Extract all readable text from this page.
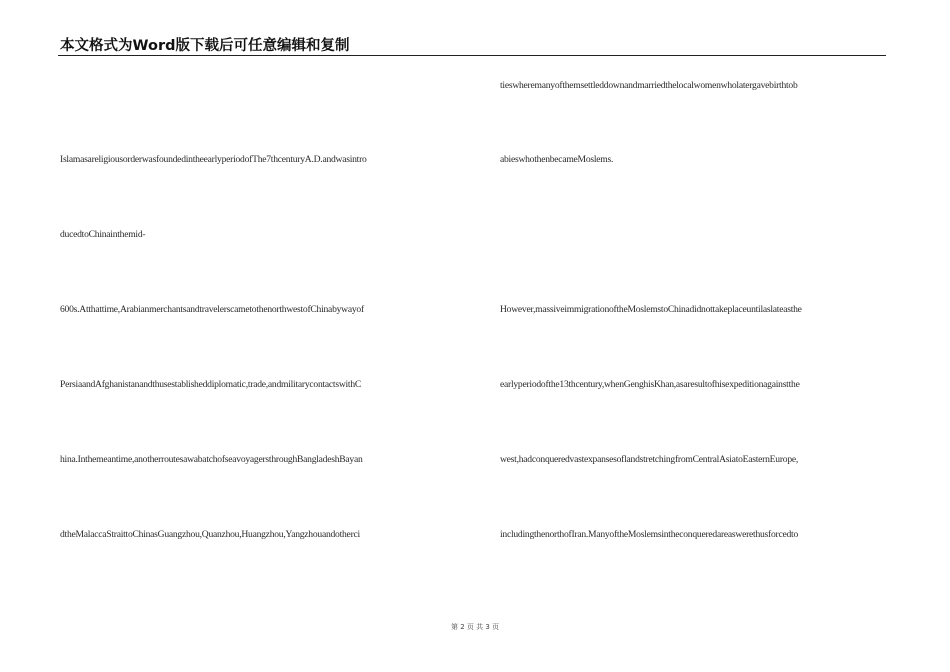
本文格式为Word版下载后可任意编辑和复制
IslamasareligiousorderwasfoundedintheearlyperiodofThe7thcenturyA.D.andwasintro
ducedtoChinainthemid-
600s.Atthattime,ArabianmerchantsandtravelerscametothenorthwestofChinabywayof
PersiaandAfghanistanandthusestablisheddiplomatic,trade,andmilitarycontactswithC
hina.Inthemeantime,anotherroutesawabatchofseavoyagersthroughBangladeshBayan
dtheMalaccaStraittoChinasGuangzhou,Quanzhou,Huangzhou,Yangzhouandotherci
tieswheremanyofthemsettleddownandmarriedthelocalwomenwholatergavebirthtob
abieswhothenbecameMoslems.
However,massiveimmigrationoftheMoslemstoChinadidnottakeplaceuntilaslateasthe
earlyperiodofthe13thcentury,whenGenghisKhan,asaresultofhisexpeditionagainstthe
west,hadconqueredvastexpansesoflandstretchingfromCentralAsiatoEasternEurope,
includingthenorthofIran.ManyoftheMoslemsintheconqueredareaswerethusforcedto
第 2 页 共 3 页
